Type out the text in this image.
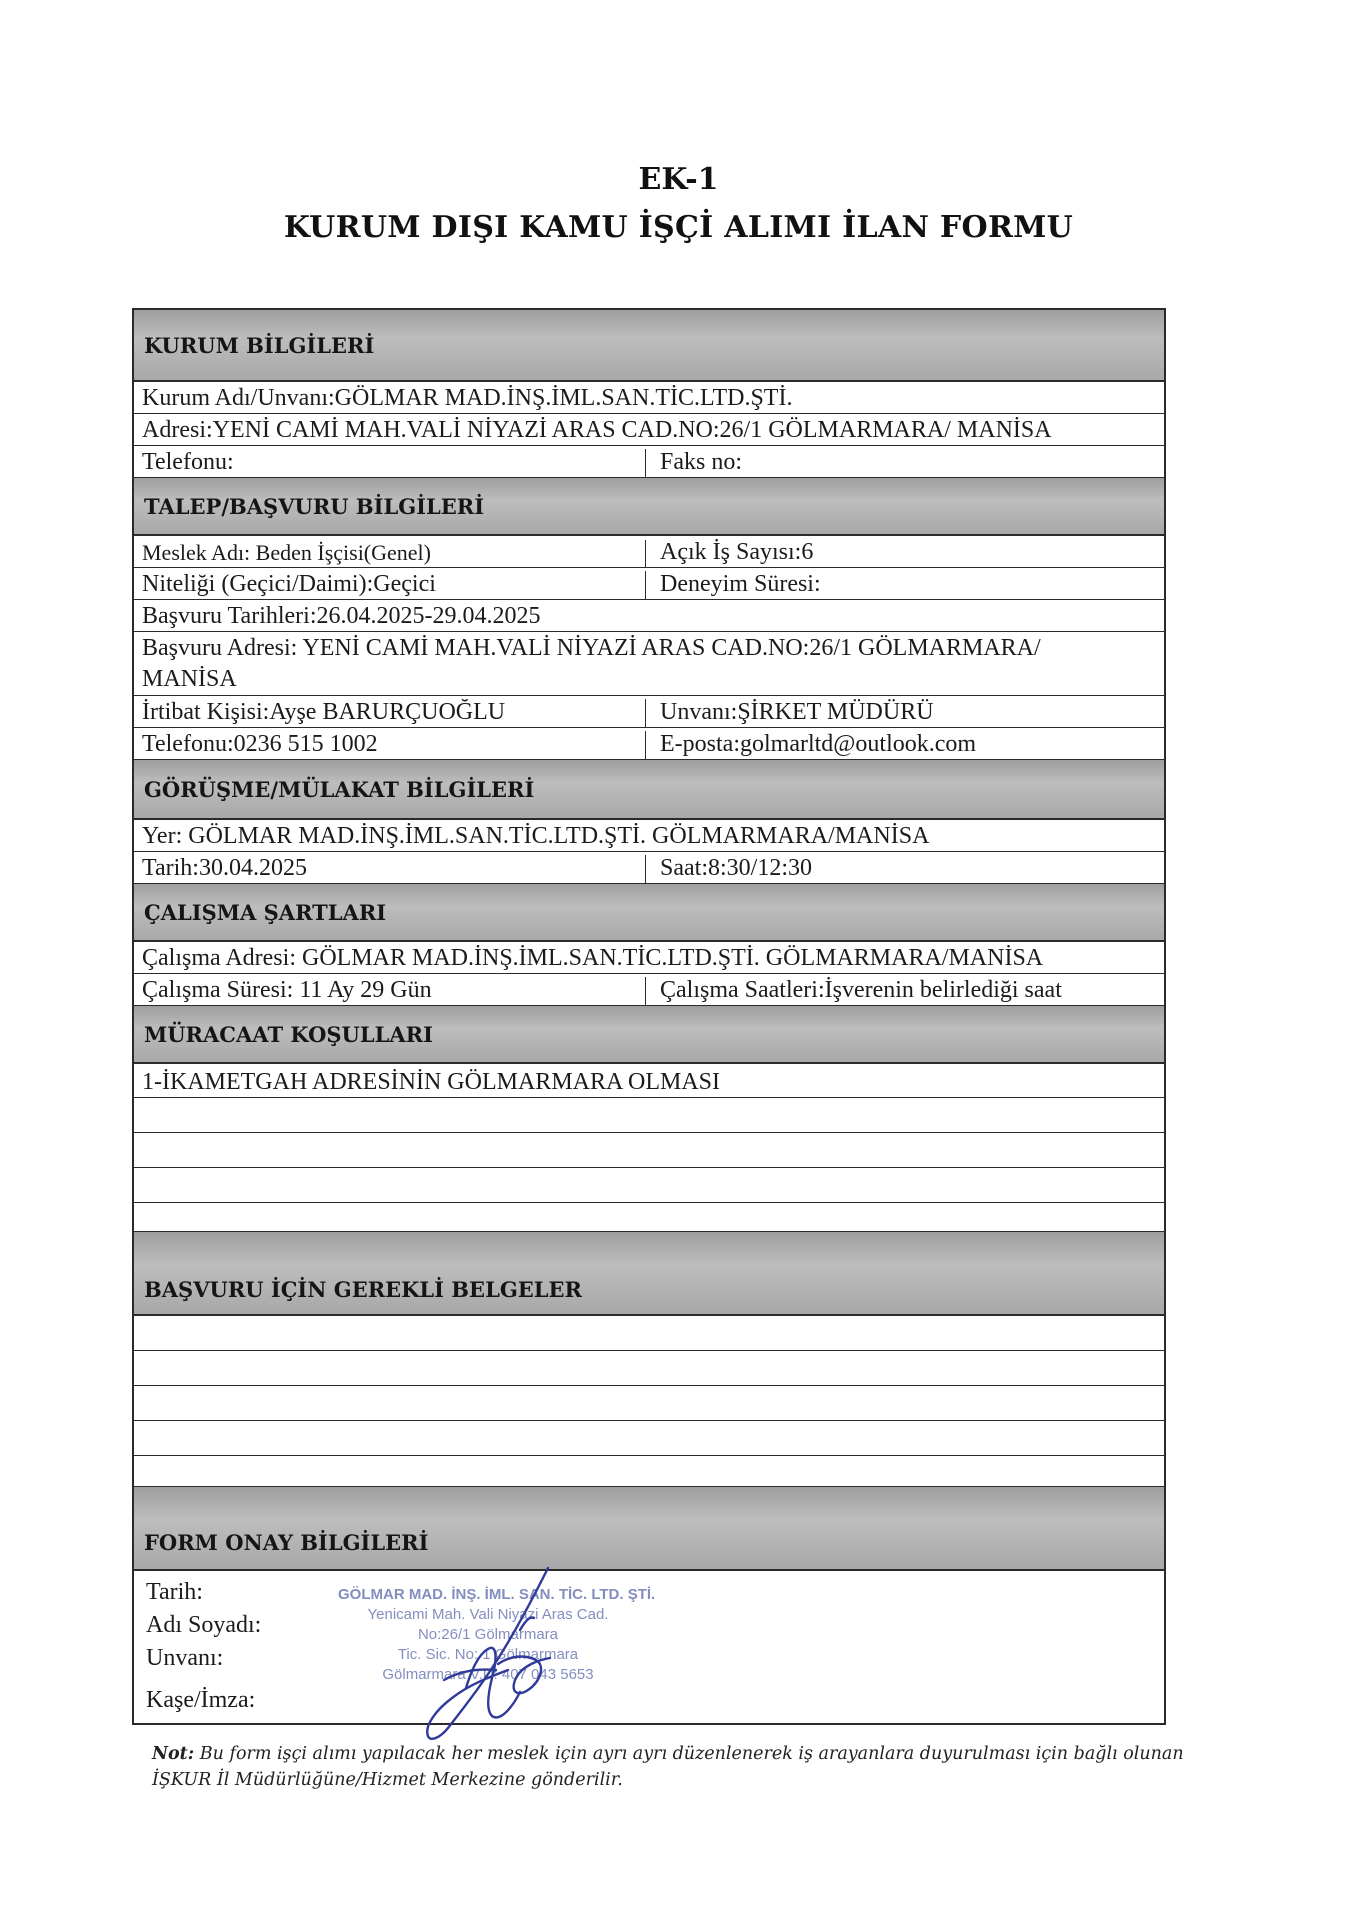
EK-1
KURUM DIŞI KAMU İŞÇİ ALIMI İLAN FORMU
KURUM BİLGİLERİ
Kurum Adı/Unvanı:GÖLMAR MAD.İNŞ.İML.SAN.TİC.LTD.ŞTİ.
Adresi:YENİ CAMİ MAH.VALİ NİYAZİ ARAS CAD.NO:26/1 GÖLMARMARA/ MANİSA
Telefonu:	Faks no:
TALEP/BAŞVURU BİLGİLERİ
Meslek Adı: Beden İşçisi(Genel)	Açık İş Sayısı:6
Niteliği (Geçici/Daimi):Geçici	Deneyim Süresi:
Başvuru Tarihleri:26.04.2025-29.04.2025
Başvuru Adresi: YENİ CAMİ MAH.VALİ NİYAZİ ARAS CAD.NO:26/1 GÖLMARMARA/
MANİSA
İrtibat Kişisi:Ayşe BARURÇUOĞLU	Unvanı:ŞİRKET MÜDÜRÜ
Telefonu:0236 515 1002	E-posta:golmarltd@outlook.com
GÖRÜŞME/MÜLAKAT BİLGİLERİ
Yer: GÖLMAR MAD.İNŞ.İML.SAN.TİC.LTD.ŞTİ. GÖLMARMARA/MANİSA
Tarih:30.04.2025	Saat:8:30/12:30
ÇALIŞMA ŞARTLARI
Çalışma Adresi: GÖLMAR MAD.İNŞ.İML.SAN.TİC.LTD.ŞTİ. GÖLMARMARA/MANİSA
Çalışma Süresi: 11 Ay 29 Gün	Çalışma Saatleri:İşverenin belirlediği saat
MÜRACAAT KOŞULLARI
1-İKAMETGAH ADRESİNİN GÖLMARMARA OLMASI
BAŞVURU İÇİN GEREKLİ BELGELER
FORM ONAY BİLGİLERİ
Tarih:
Adı Soyadı:
Unvanı:
Kaşe/İmza:
GÖLMAR MAD. İNŞ. İML. SAN. TİC. LTD. ŞTİ.
Yenicami Mah. Vali Niyazi Aras Cad.
No:26/1 Gölmarmara
Tic. Sic. No: 1 Gölmarmara
Gölmarmara V.D: 407 043 5653
Not: Bu form işçi alımı yapılacak her meslek için ayrı ayrı düzenlenerek iş arayanlara duyurulması için bağlı olunan İŞKUR İl Müdürlüğüne/Hizmet Merkezine gönderilir.
